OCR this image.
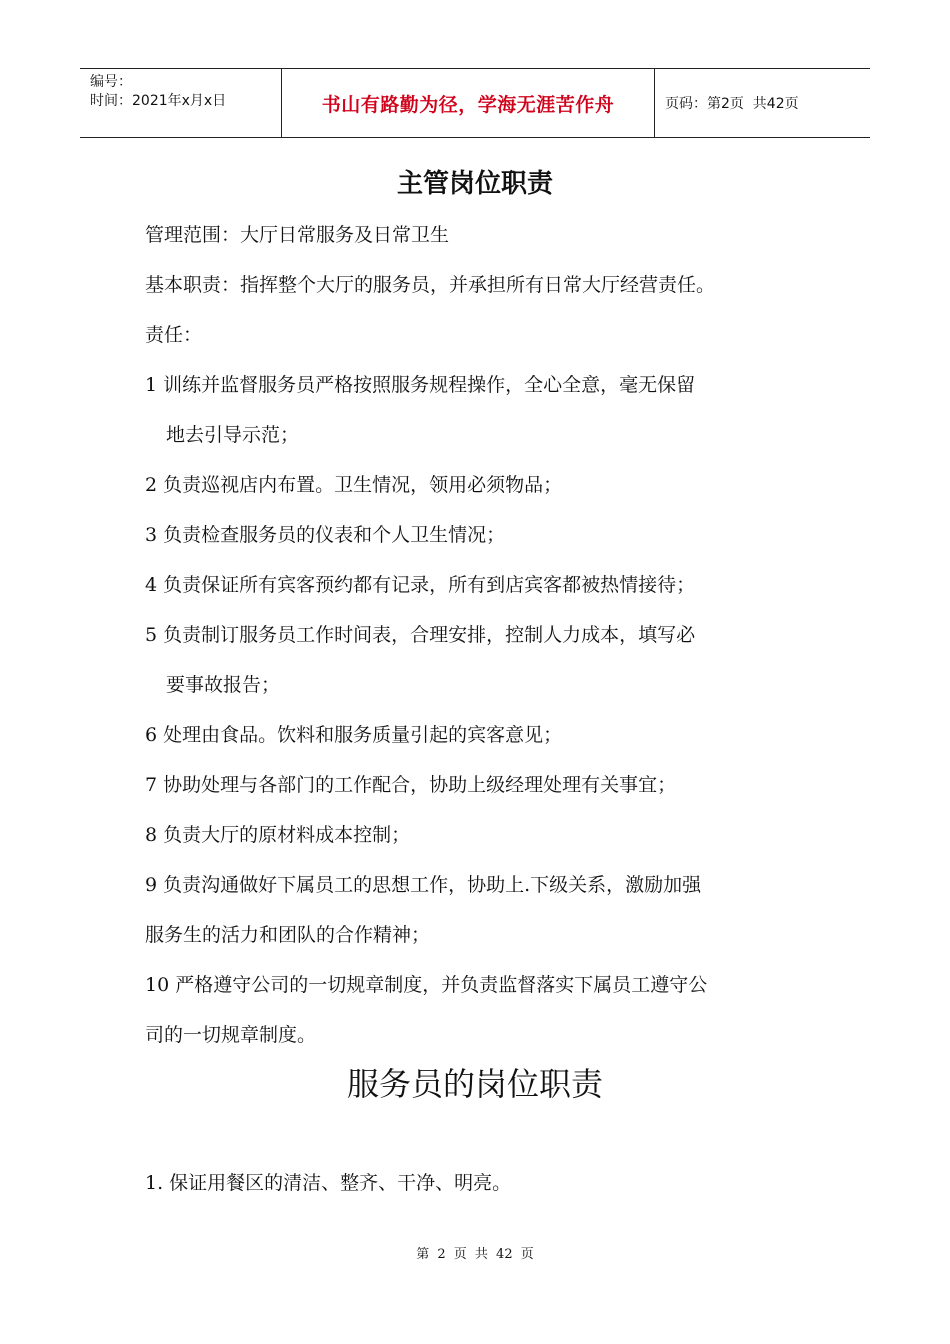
编号：
时间：2021年x月x日	书山有路勤为径，学海无涯苦作舟	页码：第2页  共42页
主管岗位职责
管理范围：大厅日常服务及日常卫生
基本职责：指挥整个大厅的服务员，并承担所有日常大厅经营责任。
责任：
1 训练并监督服务员严格按照服务规程操作，全心全意，毫无保留
地去引导示范；
2 负责巡视店内布置。卫生情况，领用必须物品；
3 负责检查服务员的仪表和个人卫生情况；
4 负责保证所有宾客预约都有记录，所有到店宾客都被热情接待；
5 负责制订服务员工作时间表，合理安排，控制人力成本，填写必
要事故报告；
6 处理由食品。饮料和服务质量引起的宾客意见；
7 协助处理与各部门的工作配合，协助上级经理处理有关事宜；
8 负责大厅的原材料成本控制；
9 负责沟通做好下属员工的思想工作，协助上.下级关系，激励加强
服务生的活力和团队的合作精神；
10 严格遵守公司的一切规章制度，并负责监督落实下属员工遵守公
司的一切规章制度。
服务员的岗位职责
1. 保证用餐区的清洁、整齐、干净、明亮。
第 2 页 共 42 页
